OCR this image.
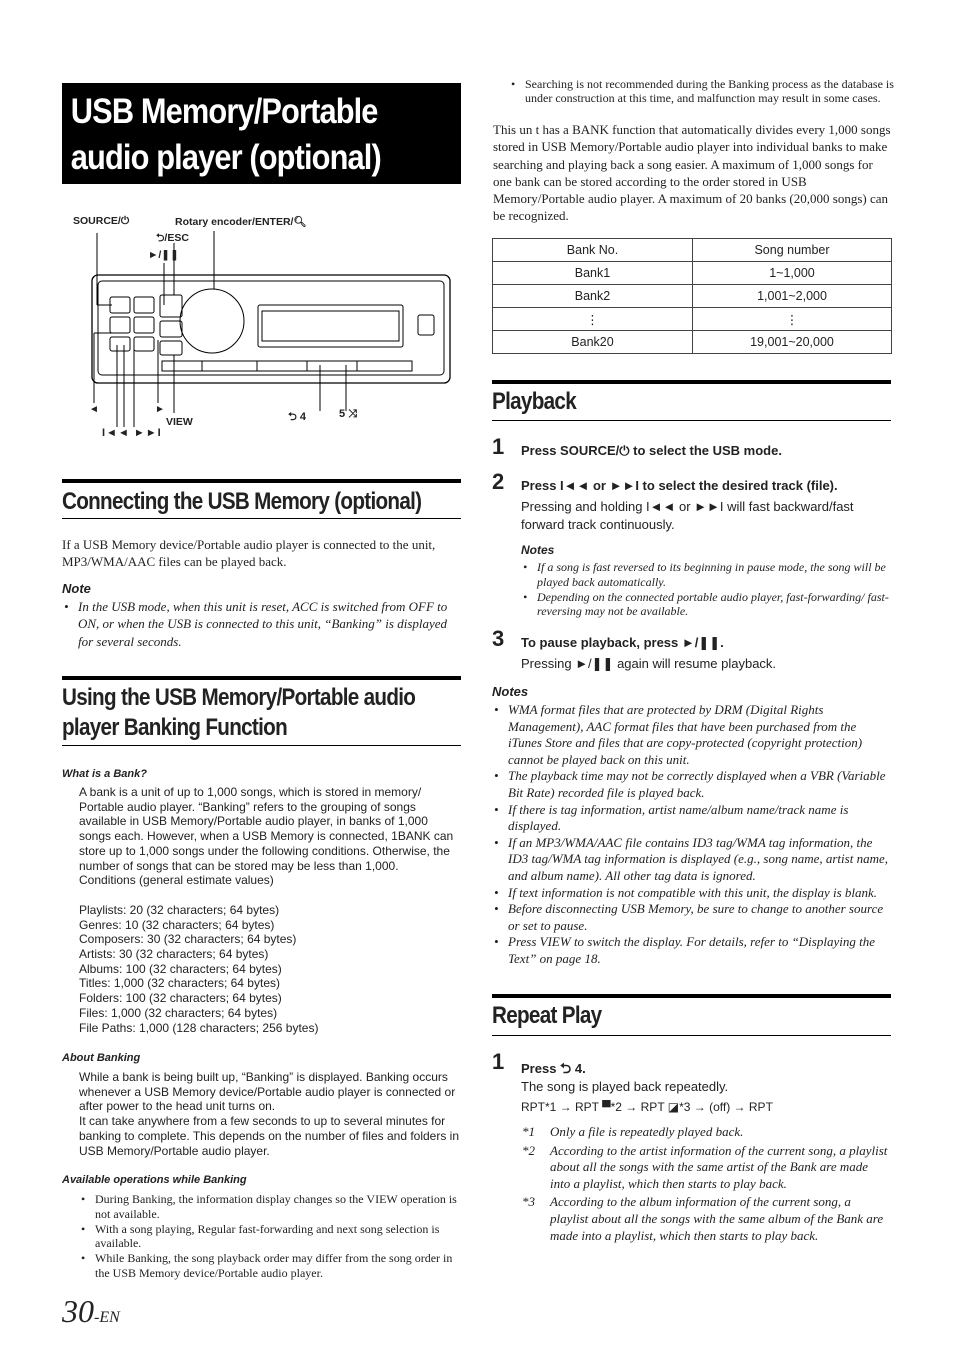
USB Memory/Portable audio player (optional)
SOURCE/⏻	Rotary encoder/ENTER/🔍︎
⮌/ESC
►/❚❚
◄	►
I◄◄ ►►I
VIEW	⮌ 4	5 ⤨
Connecting the USB Memory (optional)
If a USB Memory device/Portable audio player is connected to the unit, MP3/WMA/AAC files can be played back.
Note
• In the USB mode, when this unit is reset, ACC is switched from OFF to ON, or when the USB is connected to this unit, “Banking” is displayed for several seconds.
Using the USB Memory/Portable audio
player Banking Function
What is a Bank?
A bank is a unit of up to 1,000 songs, which is stored in memory/ Portable audio player. “Banking” refers to the grouping of songs available in USB Memory/Portable audio player, in banks of 1,000 songs each. However, when a USB Memory is connected, 1BANK can store up to 1,000 songs under the following conditions. Otherwise, the number of songs that can be stored may be less than 1,000.
Conditions (general estimate values)
Playlists: 20 (32 characters; 64 bytes)
Genres: 10 (32 characters; 64 bytes)
Composers: 30 (32 characters; 64 bytes)
Artists: 30 (32 characters; 64 bytes)
Albums: 100 (32 characters; 64 bytes)
Titles: 1,000 (32 characters; 64 bytes)
Folders: 100 (32 characters; 64 bytes)
Files: 1,000 (32 characters; 64 bytes)
File Paths: 1,000 (128 characters; 256 bytes)
About Banking
While a bank is being built up, “Banking” is displayed. Banking occurs whenever a USB Memory device/Portable audio player is connected or after power to the head unit turns on.
It can take anywhere from a few seconds to up to several minutes for banking to complete. This depends on the number of files and folders in USB Memory/Portable audio player.
Available operations while Banking
• During Banking, the information display changes so the VIEW operation is not available.
• With a song playing, Regular fast-forwarding and next song selection is available.
• While Banking, the song playback order may differ from the song order in the USB Memory device/Portable audio player.
30-EN
• Searching is not recommended during the Banking process as the database is under construction at this time, and malfunction may result in some cases.
This un t has a BANK function that automatically divides every 1,000 songs stored in USB Memory/Portable audio player into individual banks to make searching and playing back a song easier. A maximum of 1,000 songs for one bank can be stored according to the order stored in USB Memory/Portable audio player. A maximum of 20 banks (20,000 songs) can be recognized.
Bank No.	Song number
Bank1	1~1,000
Bank2	1,001~2,000
⋮	⋮
Bank20	19,001~20,000
Playback
1 Press SOURCE/⏻ to select the USB mode.
2 Press I◄◄ or ►►I to select the desired track (file).
Pressing and holding I◄◄ or ►►I will fast backward/fast forward track continuously.
Notes
• If a song is fast reversed to its beginning in pause mode, the song will be played back automatically.
• Depending on the connected portable audio player, fast-forwarding/ fast-reversing may not be available.
3 To pause playback, press ►/❚❚.
Pressing ►/❚❚ again will resume playback.
Notes
• WMA format files that are protected by DRM (Digital Rights Management), AAC format files that have been purchased from the iTunes Store and files that are copy-protected (copyright protection) cannot be played back on this unit.
• The playback time may not be correctly displayed when a VBR (Variable Bit Rate) recorded file is played back.
• If there is tag information, artist name/album name/track name is displayed.
• If an MP3/WMA/AAC file contains ID3 tag/WMA tag information, the ID3 tag/WMA tag information is displayed (e.g., song name, artist name, and album name). All other tag data is ignored.
• If text information is not compatible with this unit, the display is blank.
• Before disconnecting USB Memory, be sure to change to another source or set to pause.
• Press VIEW to switch the display. For details, refer to “Displaying the Text” on page 18.
Repeat Play
1 Press ⮌ 4.
The song is played back repeatedly.
RPT*1 → RPT ▀*2 → RPT ◪*3 → (off) → RPT
*1	Only a file is repeatedly played back.
*2	According to the artist information of the current song, a playlist about all the songs with the same artist of the Bank are made into a playlist, which then starts to play back.
*3	According to the album information of the current song, a playlist about all the songs with the same album of the Bank are made into a playlist, which then starts to play back.
